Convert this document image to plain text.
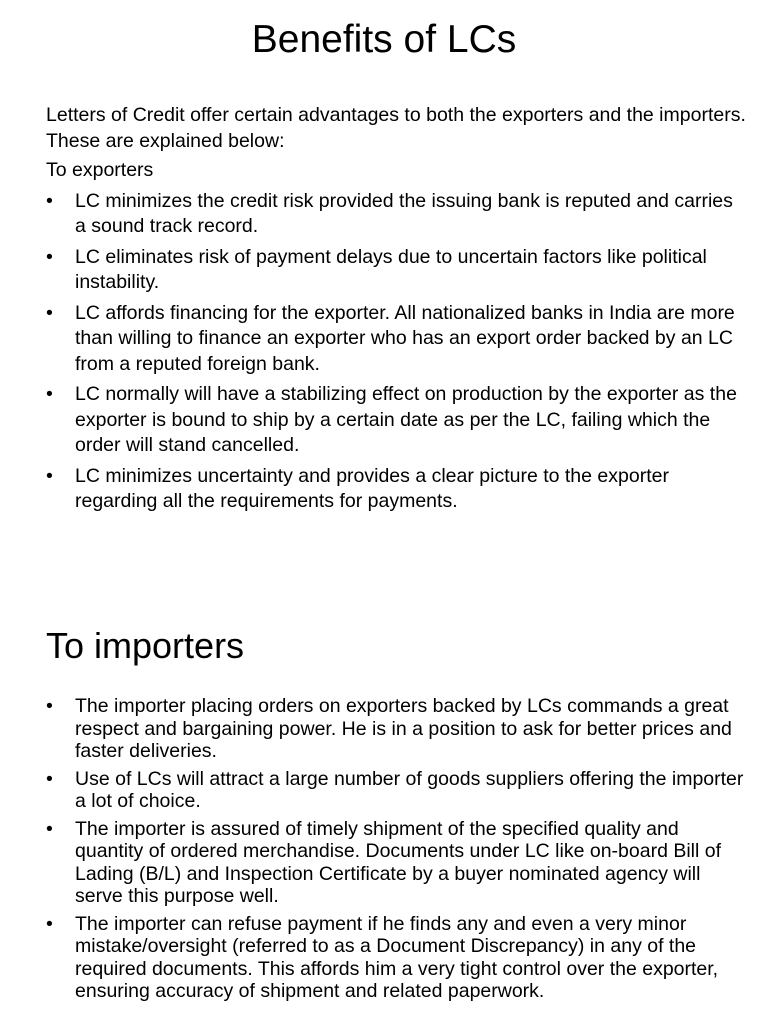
Benefits of LCs

Letters of Credit offer certain advantages to both the exporters and the importers. These are explained below:

To exporters

• LC minimizes the credit risk provided the issuing bank is reputed and carries a sound track record.
• LC eliminates risk of payment delays due to uncertain factors like political instability.
• LC affords financing for the exporter. All nationalized banks in India are more than willing to finance an exporter who has an export order backed by an LC from a reputed foreign bank.
• LC normally will have a stabilizing effect on production by the exporter as the exporter is bound to ship by a certain date as per the LC, failing which the order will stand cancelled.
• LC minimizes uncertainty and provides a clear picture to the exporter regarding all the requirements for payments.
To importers
• The importer placing orders on exporters backed by LCs commands a great respect and bargaining power. He is in a position to ask for better prices and faster deliveries.
• Use of LCs will attract a large number of goods suppliers offering the importer a lot of choice.
• The importer is assured of timely shipment of the specified quality and quantity of ordered merchandise. Documents under LC like on-board Bill of Lading (B/L) and Inspection Certificate by a buyer nominated agency will serve this purpose well.
• The importer can refuse payment if he finds any and even a very minor mistake/oversight (referred to as a Document Discrepancy) in any of the required documents. This affords him a very tight control over the exporter, ensuring accuracy of shipment and related paperwork.
